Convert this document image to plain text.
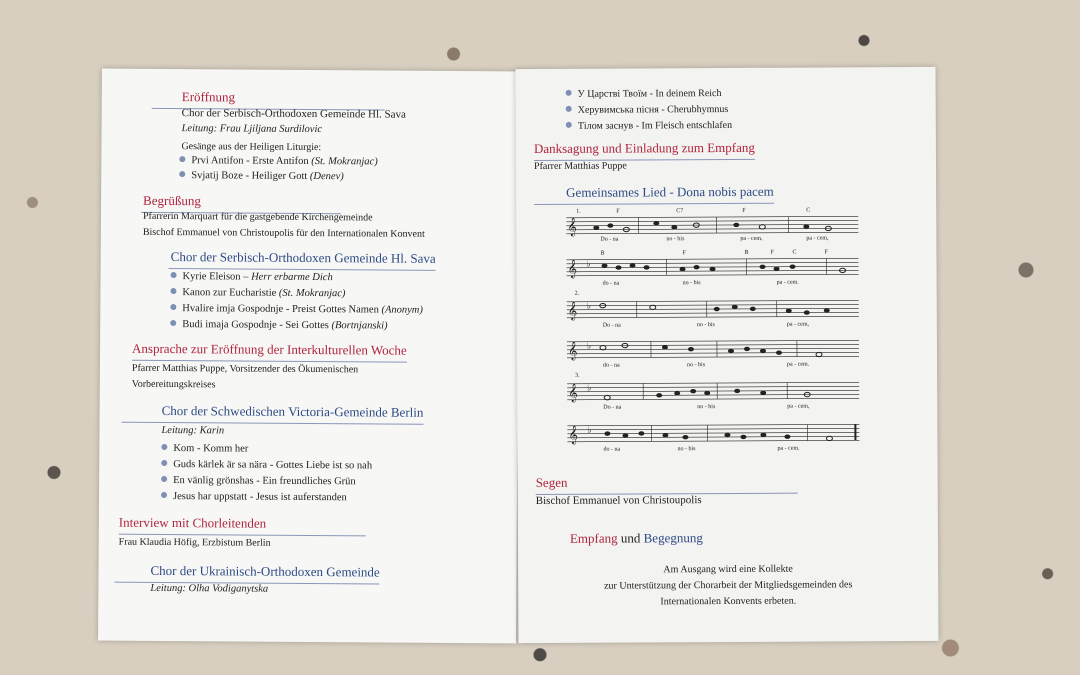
Eröffnung
Chor der Serbisch-Orthodoxen Gemeinde Hl. Sava
Leitung: Frau Ljiljana Surdilovic
Gesänge aus der Heiligen Liturgie:
Prvi Antifon - Erste Antifon (St. Mokranjac)
Svjatij Boze - Heiliger Gott (Denev)
Begrüßung
Pfarrerin Marquart für die gastgebende Kirchengemeinde
Bischof Emmanuel von Christoupolis für den Internationalen Konvent
Chor der Serbisch-Orthodoxen Gemeinde Hl. Sava
Kyrie Eleison – Herr erbarme Dich
Kanon zur Eucharistie (St. Mokranjac)
Hvalire imja Gospodnje - Preist Gottes Namen (Anonym)
Budi imaja Gospodnje - Sei Gottes (Bortnjanski)
Ansprache zur Eröffnung der Interkulturellen Woche
Pfarrer Matthias Puppe, Vorsitzender des Ökumenischen
Vorbereitungskreises
Chor der Schwedischen Victoria-Gemeinde Berlin
Leitung: Karin
Kom - Komm her
Guds kärlek är sa nära - Gottes Liebe ist so nah
En vänlig grönshas - Ein freundliches Grün
Jesus har uppstatt - Jesus ist auferstanden
Interview mit Chorleitenden
Frau Klaudia Höfig, Erzbistum Berlin
Chor der Ukrainisch-Orthodoxen Gemeinde
Leitung: Olha Vodiganytska
У Царстві Твоїм - In deinem Reich
Херувимська пісня - Cherubhymnus
Тілом заснув - Im Fleisch entschlafen
Danksagung und Einladung zum Empfang
Pfarrer Matthias Puppe
Gemeinsames Lied - Dona nobis pacem
𝄞
1.	F	C7	F	C
Do - na	no - bis	pa - cem,	pa - cem,
𝄞 ♭
B	F	B	F	C	F
do - na	no - bis	pa - cem.
2.
𝄞 ♭
Do - na	no - bis	pa - cem,
𝄞 ♭
do - na	no - bis	pa - cem.
3.
𝄞 ♭
Do - na	no - bis	pa - cem,
𝄞 ♭
do - na	no - bis	pa - cem.
Segen
Bischof Emmanuel von Christoupolis
Empfang und Begegnung
Am Ausgang wird eine Kollekte
zur Unterstützung der Chorarbeit der Mitgliedsgemeinden des
Internationalen Konvents erbeten.
